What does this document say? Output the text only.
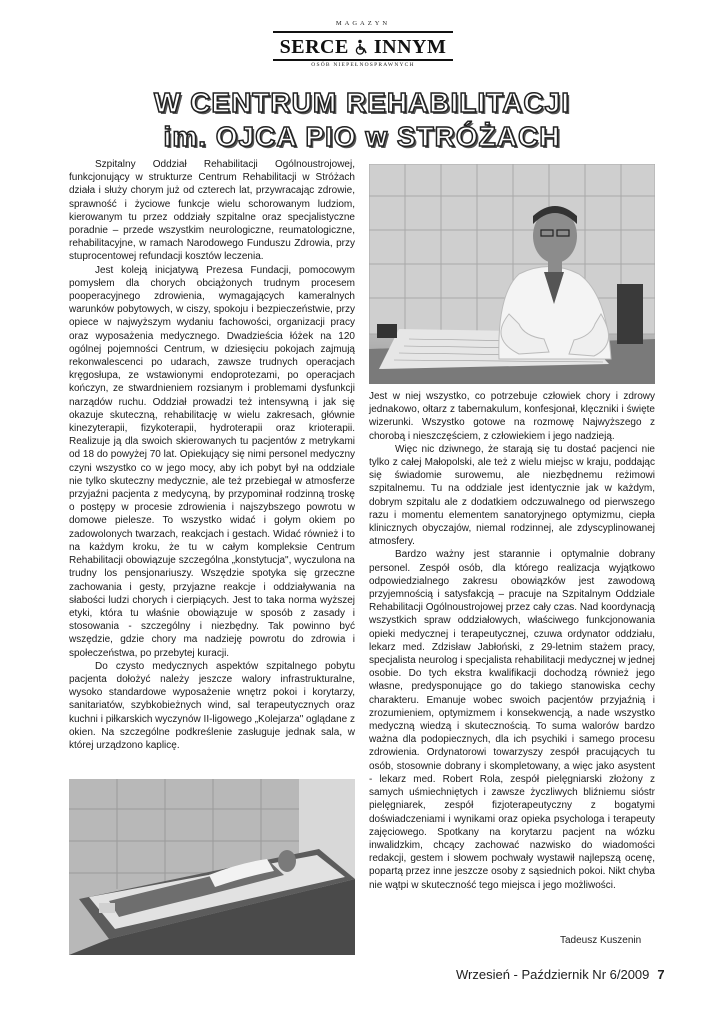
MAGAZYN
SERCE INNYM
OSÓB NIEPEŁNOSPRAWNYCH
W CENTRUM REHABILITACJI
im. OJCA PIO w STRÓŻACH

Szpitalny Oddział Rehabilitacji Ogólnoustrojowej, funkcjonujący w strukturze Centrum Rehabilitacji w Stróżach działa i służy chorym już od czterech lat, przywracając zdrowie, sprawność i życiowe funkcje wielu schorowanym ludziom, kierowanym tu przez oddziały szpitalne oraz specjalistyczne poradnie – przede wszystkim neurologiczne, reumatologiczne, rehabilitacyjne, w ramach Narodowego Funduszu Zdrowia, przy stuprocentowej refundacji kosztów leczenia.

Jest koleją inicjatywą Prezesa Fundacji, pomocowym pomysłem dla chorych obciążonych trudnym procesem pooperacyjnego zdrowienia, wymagających kameralnych warunków pobytowych, w ciszy, spokoju i bezpieczeństwie, przy opiece w najwyższym wydaniu fachowości, organizacji pracy oraz wyposażenia medycznego. Dwadzieścia łóżek na 120 ogólnej pojemności Centrum, w dziesięciu pokojach zajmują rekonwalescenci po udarach, zawsze trudnych operacjach kręgosłupa, ze wstawionymi endoprotezami, po operacjach kończyn, ze stwardnieniem rozsianym i problemami dysfunkcji narządów ruchu. Oddział prowadzi też intensywną i jak się okazuje skuteczną, rehabilitację w wielu zakresach, głównie kinezyterapii, fizykoterapii, hydroterapii oraz krioterapii. Realizuje ją dla swoich skierowanych tu pacjentów z metrykami od 18 do powyżej 70 lat. Opiekujący się nimi personel medyczny czyni wszystko co w jego mocy, aby ich pobyt był na oddziale nie tylko skuteczny medycznie, ale też przebiegał w atmosferze przyjaźni pacjenta z medycyną, by przypominał rodzinną troskę o postępy w procesie zdrowienia i najszybszego powrotu w domowe pielesze. To wszystko widać i gołym okiem po zadowolonych twarzach, reakcjach i gestach. Widać również i to na każdym kroku, że tu w całym kompleksie Centrum Rehabilitacji obowiązuje szczególna „konstytucja", wyczulona na trudny los pensjonariuszy. Wszędzie spotyka się grzeczne zachowania i gesty, przyjazne reakcje i oddziaływania na słabości ludzi chorych i cierpiących. Jest to taka norma wyższej etyki, która tu właśnie obowiązuje w sposób z zasady i stosowania - szczególny i niezbędny. Tak powinno być wszędzie, gdzie chory ma nadzieję powrotu do zdrowia i społeczeństwa, po przebytej kuracji.

Do czysto medycznych aspektów szpitalnego pobytu pacjenta dołożyć należy jeszcze walory infrastrukturalne, wysoko standardowe wyposażenie wnętrz pokoi i korytarzy, sanitariatów, szybkobieżnych wind, sal terapeutycznych oraz kuchni i piłkarskich wyczynów II-ligowego „Kolejarza" oglądane z okien. Na szczególne podkreślenie zasługuje jednak sala, w której urządzono kaplicę.

Jest w niej wszystko, co potrzebuje człowiek chory i zdrowy jednakowo, ołtarz z tabernakulum, konfesjonał, klęczniki i święte wizerunki. Wszystko gotowe na rozmowę Najwyższego z chorobą i nieszczęściem, z człowiekiem i jego nadzieją.

Więc nic dziwnego, że starają się tu dostać pacjenci nie tylko z całej Małopolski, ale też z wielu miejsc w kraju, poddając się świadomie surowemu, ale niezbędnemu reżimowi szpitalnemu. Tu na oddziale jest identycznie jak w każdym, dobrym szpitalu ale z dodatkiem odczuwalnego od pierwszego razu i momentu elementem sanatoryjnego optymizmu, ciepła klinicznych obyczajów, niemal rodzinnej, ale zdyscyplinowanej atmosfery.

Bardzo ważny jest starannie i optymalnie dobrany personel. Zespół osób, dla którego realizacja wyjątkowo odpowiedzialnego zakresu obowiązków jest zawodową przyjemnością i satysfakcją – pracuje na Szpitalnym Oddziale Rehabilitacji Ogólnoustrojowej przez cały czas. Nad koordynacją wszystkich spraw oddziałowych, właściwego funkcjonowania opieki medycznej i terapeutycznej, czuwa ordynator oddziału, lekarz med. Zdzisław Jabłoński, z 29-letnim stażem pracy, specjalista neurolog i specjalista rehabilitacji medycznej w jednej osobie. Do tych ekstra kwalifikacji dochodzą również jego własne, predysponujące go do takiego stanowiska cechy charakteru. Emanuje wobec swoich pacjentów przyjaźnią i zrozumieniem, optymizmem i konsekwencją, a nade wszystko medyczną wiedzą i skutecznością. To suma walorów bardzo ważna dla podopiecznych, dla ich psychiki i samego procesu zdrowienia. Ordynatorowi towarzyszy zespół pracujących tu osób, stosownie dobrany i skompletowany, a więc jako asystent - lekarz med. Robert Rola, zespół pielęgniarski złożony z samych uśmiechniętych i zawsze życzliwych bliźniemu sióstr pielęgniarek, zespół fizjoterapeutyczny z bogatymi doświadczeniami i wynikami oraz opieka psychologa i terapeuty zajęciowego. Spotkany na korytarzu pacjent na wózku inwalidzkim, chcący zachować nazwisko do wiadomości redakcji, gestem i słowem pochwały wystawił najlepszą ocenę, popartą przez inne jeszcze osoby z sąsiednich pokoi. Nikt chyba nie wątpi w skuteczność tego miejsca i jego możliwości.

Tadeusz Kuszenin
Wrzesień - Październik Nr 6/2009 7
